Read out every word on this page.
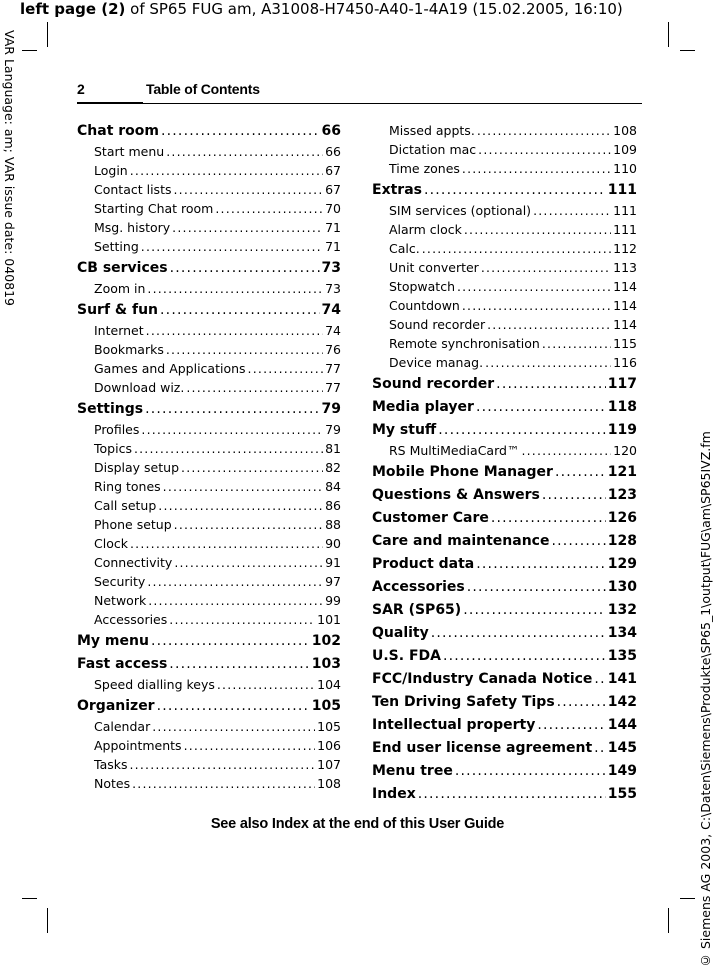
left page (2) of SP65 FUG am, A31008-H7450-A40-1-4A19 (15.02.2005, 16:10)
VAR Language: am; VAR issue date: 040819
© Siemens AG 2003, C:\Daten\Siemens\Produkte\SP65_1\output\FUG\am\SP65IVZ.fm
2	Table of Contents
Chat room .....	66
Start menu .....	66
Login .....	67
Contact lists .....	67
Starting Chat room .....	70
Msg. history .....	71
Setting .....	71
CB services .....	73
Zoom in .....	73
Surf & fun .....	74
Internet .....	74
Bookmarks .....	76
Games and Applications .....	77
Download wiz. .....	77
Settings .....	79
Profiles .....	79
Topics .....	81
Display setup .....	82
Ring tones .....	84
Call setup .....	86
Phone setup .....	88
Clock .....	90
Connectivity .....	91
Security .....	97
Network .....	99
Accessories .....	101
My menu .....	102
Fast access .....	103
Speed dialling keys .....	104
Organizer .....	105
Calendar .....	105
Appointments .....	106
Tasks .....	107
Notes .....	108
Missed appts. .....	108
Dictation mac .....	109
Time zones .....	110
Extras .....	111
SIM services (optional) .....	111
Alarm clock .....	111
Calc. .....	112
Unit converter .....	113
Stopwatch .....	114
Countdown .....	114
Sound recorder .....	114
Remote synchronisation .....	115
Device manag. .....	116
Sound recorder .....	117
Media player .....	118
My stuff .....	119
RS MultiMediaCard™ .....	120
Mobile Phone Manager .....	121
Questions & Answers .....	123
Customer Care .....	126
Care and maintenance .....	128
Product data .....	129
Accessories .....	130
SAR (SP65) .....	132
Quality .....	134
U.S. FDA .....	135
FCC/Industry Canada Notice ..... 141
Ten Driving Safety Tips .....	142
Intellectual property .....	144
End user license agreement ..... 145
Menu tree .....	149
Index .....	155
See also Index at the end of this User Guide
